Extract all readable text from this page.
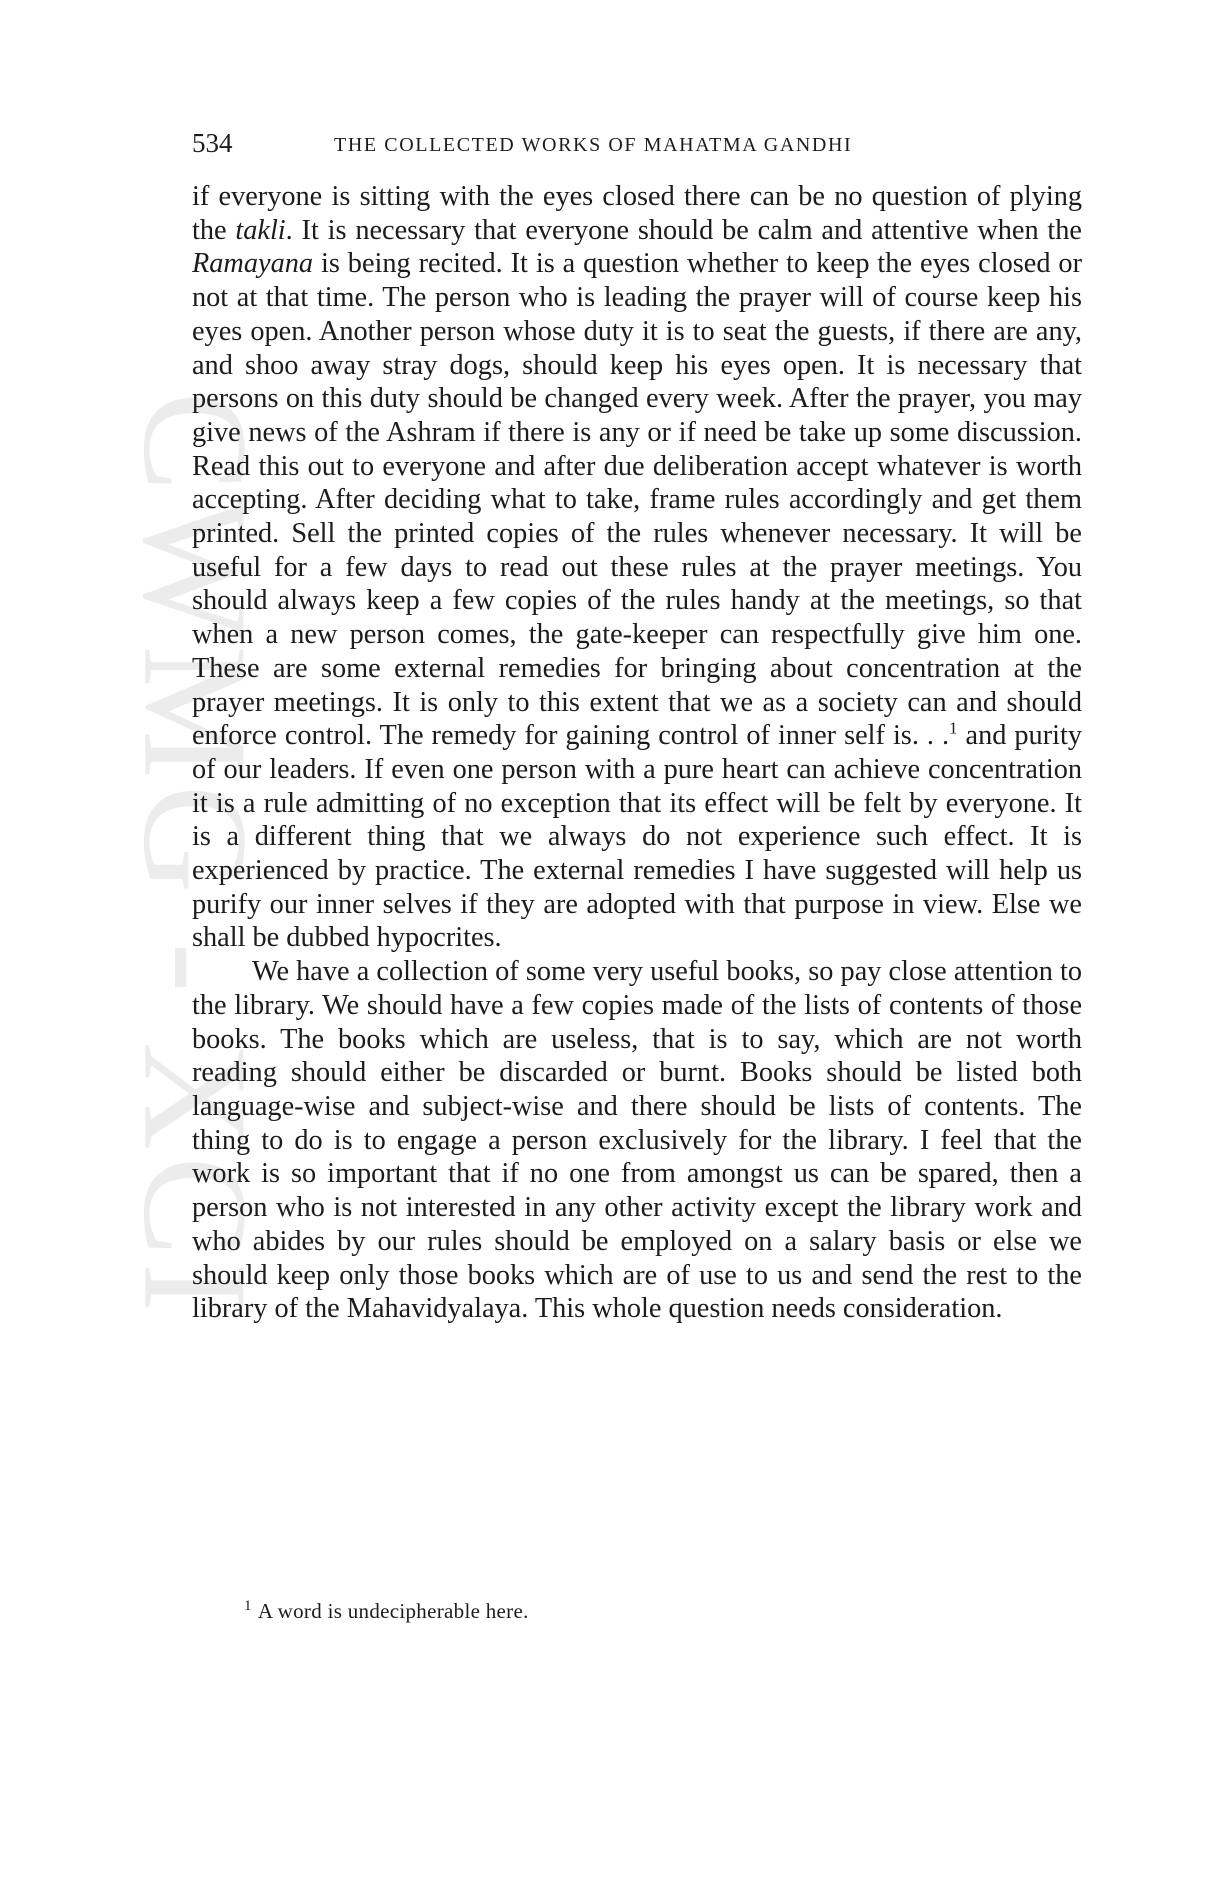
CWMG - XCI
534	THE COLLECTED WORKS OF MAHATMA GANDHI

if everyone is sitting with the eyes closed there can be no question of plying the takli. It is necessary that everyone should be calm and attentive when the Ramayana is being recited. It is a question whether to keep the eyes closed or not at that time. The person who is leading the prayer will of course keep his eyes open. Another person whose duty it is to seat the guests, if there are any, and shoo away stray dogs, should keep his eyes open. It is necessary that persons on this duty should be changed every week. After the prayer, you may give news of the Ashram if there is any or if need be take up some discussion. Read this out to everyone and after due deliberation accept whatever is worth accepting. After deciding what to take, frame rules accordingly and get them printed. Sell the printed copies of the rules whenever necessary. It will be useful for a few days to read out these rules at the prayer meetings. You should always keep a few copies of the rules handy at the meetings, so that when a new person comes, the gate-keeper can respectfully give him one. These are some external remedies for bringing about concentration at the prayer meetings. It is only to this extent that we as a society can and should enforce control. The remedy for gaining control of inner self is. . .$^1$ and purity of our leaders. If even one person with a pure heart can achieve concentration it is a rule admitting of no exception that its effect will be felt by everyone. It is a different thing that we always do not experience such effect. It is experienced by practice. The external remedies I have suggested will help us purify our inner selves if they are adopted with that purpose in view. Else we shall be dubbed hypocrites.

We have a collection of some very useful books, so pay close attention to the library. We should have a few copies made of the lists of contents of those books. The books which are useless, that is to say, which are not worth reading should either be discarded or burnt. Books should be listed both language-wise and subject-wise and there should be lists of contents. The thing to do is to engage a person exclusively for the library. I feel that the work is so important that if no one from amongst us can be spared, then a person who is not interested in any other activity except the library work and who abides by our rules should be employed on a salary basis or else we should keep only those books which are of use to us and send the rest to the library of the Mahavidyalaya. This whole question needs consideration.

$^1$ A word is undecipherable here.
